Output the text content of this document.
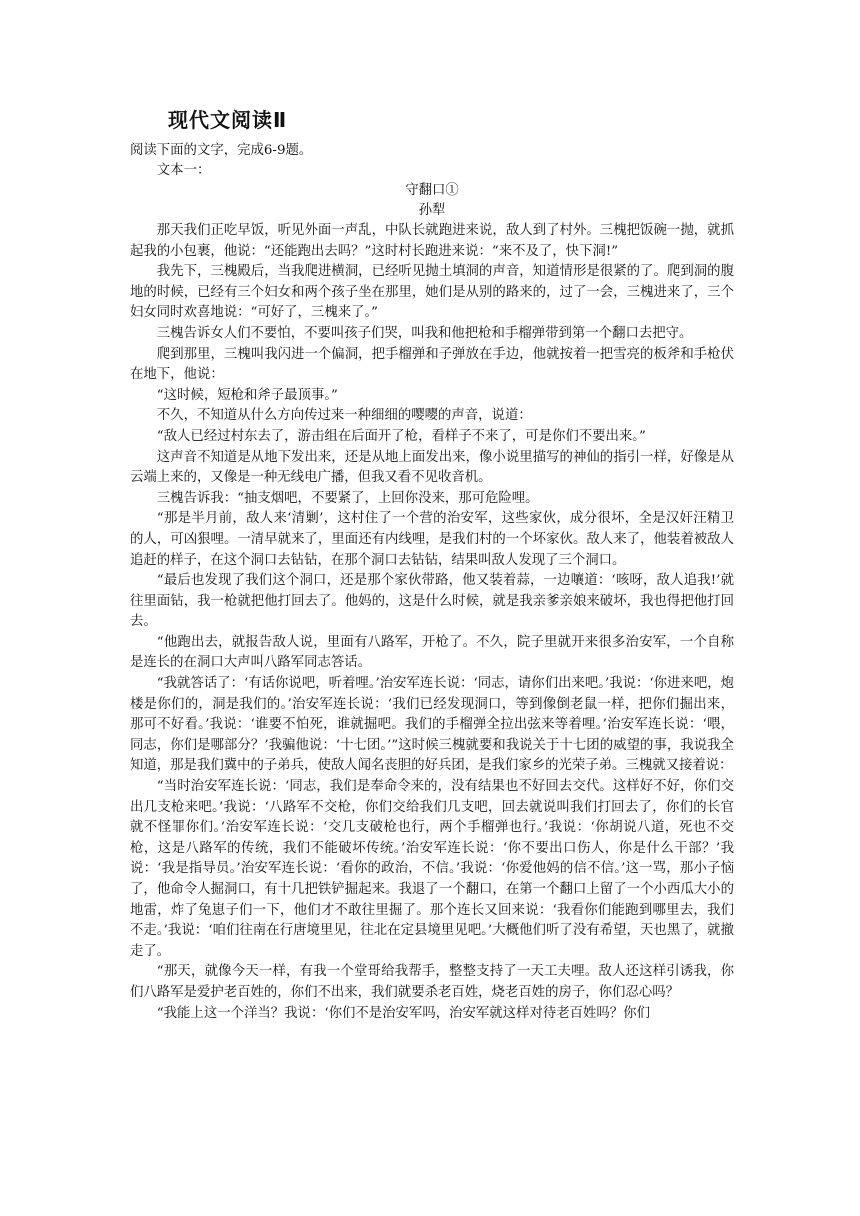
现代文阅读Ⅱ

阅读下面的文字，完成6-9题。

文本一：

守翻口①

孙犁

那天我们正吃早饭，听见外面一声乱，中队长就跑进来说，敌人到了村外。三槐把饭碗一抛，就抓起我的小包裹，他说：“还能跑出去吗？”这时村长跑进来说：“来不及了，快下洞!”

我先下，三槐殿后，当我爬进横洞，已经听见抛土填洞的声音，知道情形是很紧的了。爬到洞的腹地的时候，已经有三个妇女和两个孩子坐在那里，她们是从别的路来的，过了一会，三槐进来了，三个妇女同时欢喜地说：“可好了，三槐来了。”

三槐告诉女人们不要怕，不要叫孩子们哭，叫我和他把枪和手榴弹带到第一个翻口去把守。

爬到那里，三槐叫我闪进一个偏洞，把手榴弹和子弹放在手边，他就按着一把雪亮的板斧和手枪伏在地下，他说：

“这时候，短枪和斧子最顶事。”

不久，不知道从什么方向传过来一种细细的嘤嘤的声音，说道：

“敌人已经过村东去了，游击组在后面开了枪，看样子不来了，可是你们不要出来。”

这声音不知道是从地下发出来，还是从地上面发出来，像小说里描写的神仙的指引一样，好像是从云端上来的，又像是一种无线电广播，但我又看不见收音机。

三槐告诉我：“抽支烟吧，不要紧了，上回你没来，那可危险哩。

“那是半月前，敌人来‘清剿’，这村住了一个营的治安军，这些家伙，成分很坏，全是汉奸汪精卫的人，可凶狠哩。一清早就来了，里面还有内线哩，是我们村的一个坏家伙。敌人来了，他装着被敌人追赶的样子，在这个洞口去钻钻，在那个洞口去钻钻，结果叫敌人发现了三个洞口。

“最后也发现了我们这个洞口，还是那个家伙带路，他又装着蒜，一边嚷道：‘咳呀，敌人追我!’就往里面钻，我一枪就把他打回去了。他妈的，这是什么时候，就是我亲爹亲娘来破坏，我也得把他打回去。

“他跑出去，就报告敌人说，里面有八路军，开枪了。不久，院子里就开来很多治安军，一个自称是连长的在洞口大声叫八路军同志答话。

“我就答话了：‘有话你说吧，听着哩。’治安军连长说：‘同志，请你们出来吧。’我说：‘你进来吧，炮楼是你们的，洞是我们的。’治安军连长说：‘我们已经发现洞口，等到像倒老鼠一样，把你们掘出来，那可不好看。’我说：‘谁要不怕死，谁就掘吧。我们的手榴弹全拉出弦来等着哩。’治安军连长说：‘喂，同志，你们是哪部分？’我骗他说：‘十七团。’”这时候三槐就要和我说关于十七团的威望的事，我说我全知道，那是我们冀中的子弟兵，使敌人闻名丧胆的好兵团，是我们家乡的光荣子弟。三槐就又接着说：

“当时治安军连长说：‘同志，我们是奉命令来的，没有结果也不好回去交代。这样好不好，你们交出几支枪来吧。’我说：‘八路军不交枪，你们交给我们几支吧，回去就说叫我们打回去了，你们的长官就不怪罪你们。’治安军连长说：‘交几支破枪也行，两个手榴弹也行。’我说：‘你胡说八道，死也不交枪，这是八路军的传统，我们不能破坏传统。’治安军连长说：‘你不要出口伤人，你是什么干部？’我说：‘我是指导员。’治安军连长说：‘看你的政治，不信。’我说：‘你爱他妈的信不信。’这一骂，那小子恼了，他命令人掘洞口，有十几把铁铲掘起来。我退了一个翻口，在第一个翻口上留了一个小西瓜大小的地雷，炸了兔崽子们一下，他们才不敢往里掘了。那个连长又回来说：‘我看你们能跑到哪里去，我们不走。’我说：‘咱们往南在行唐境里见，往北在定县境里见吧。’大概他们听了没有希望，天也黑了，就撤走了。

“那天，就像今天一样，有我一个堂哥给我帮手，整整支持了一天工夫哩。敌人还这样引诱我，你们八路军是爱护老百姓的，你们不出来，我们就要杀老百姓，烧老百姓的房子，你们忍心吗？

“我能上这一个洋当？我说：‘你们不是治安军吗，治安军就这样对待老百姓吗？你们
